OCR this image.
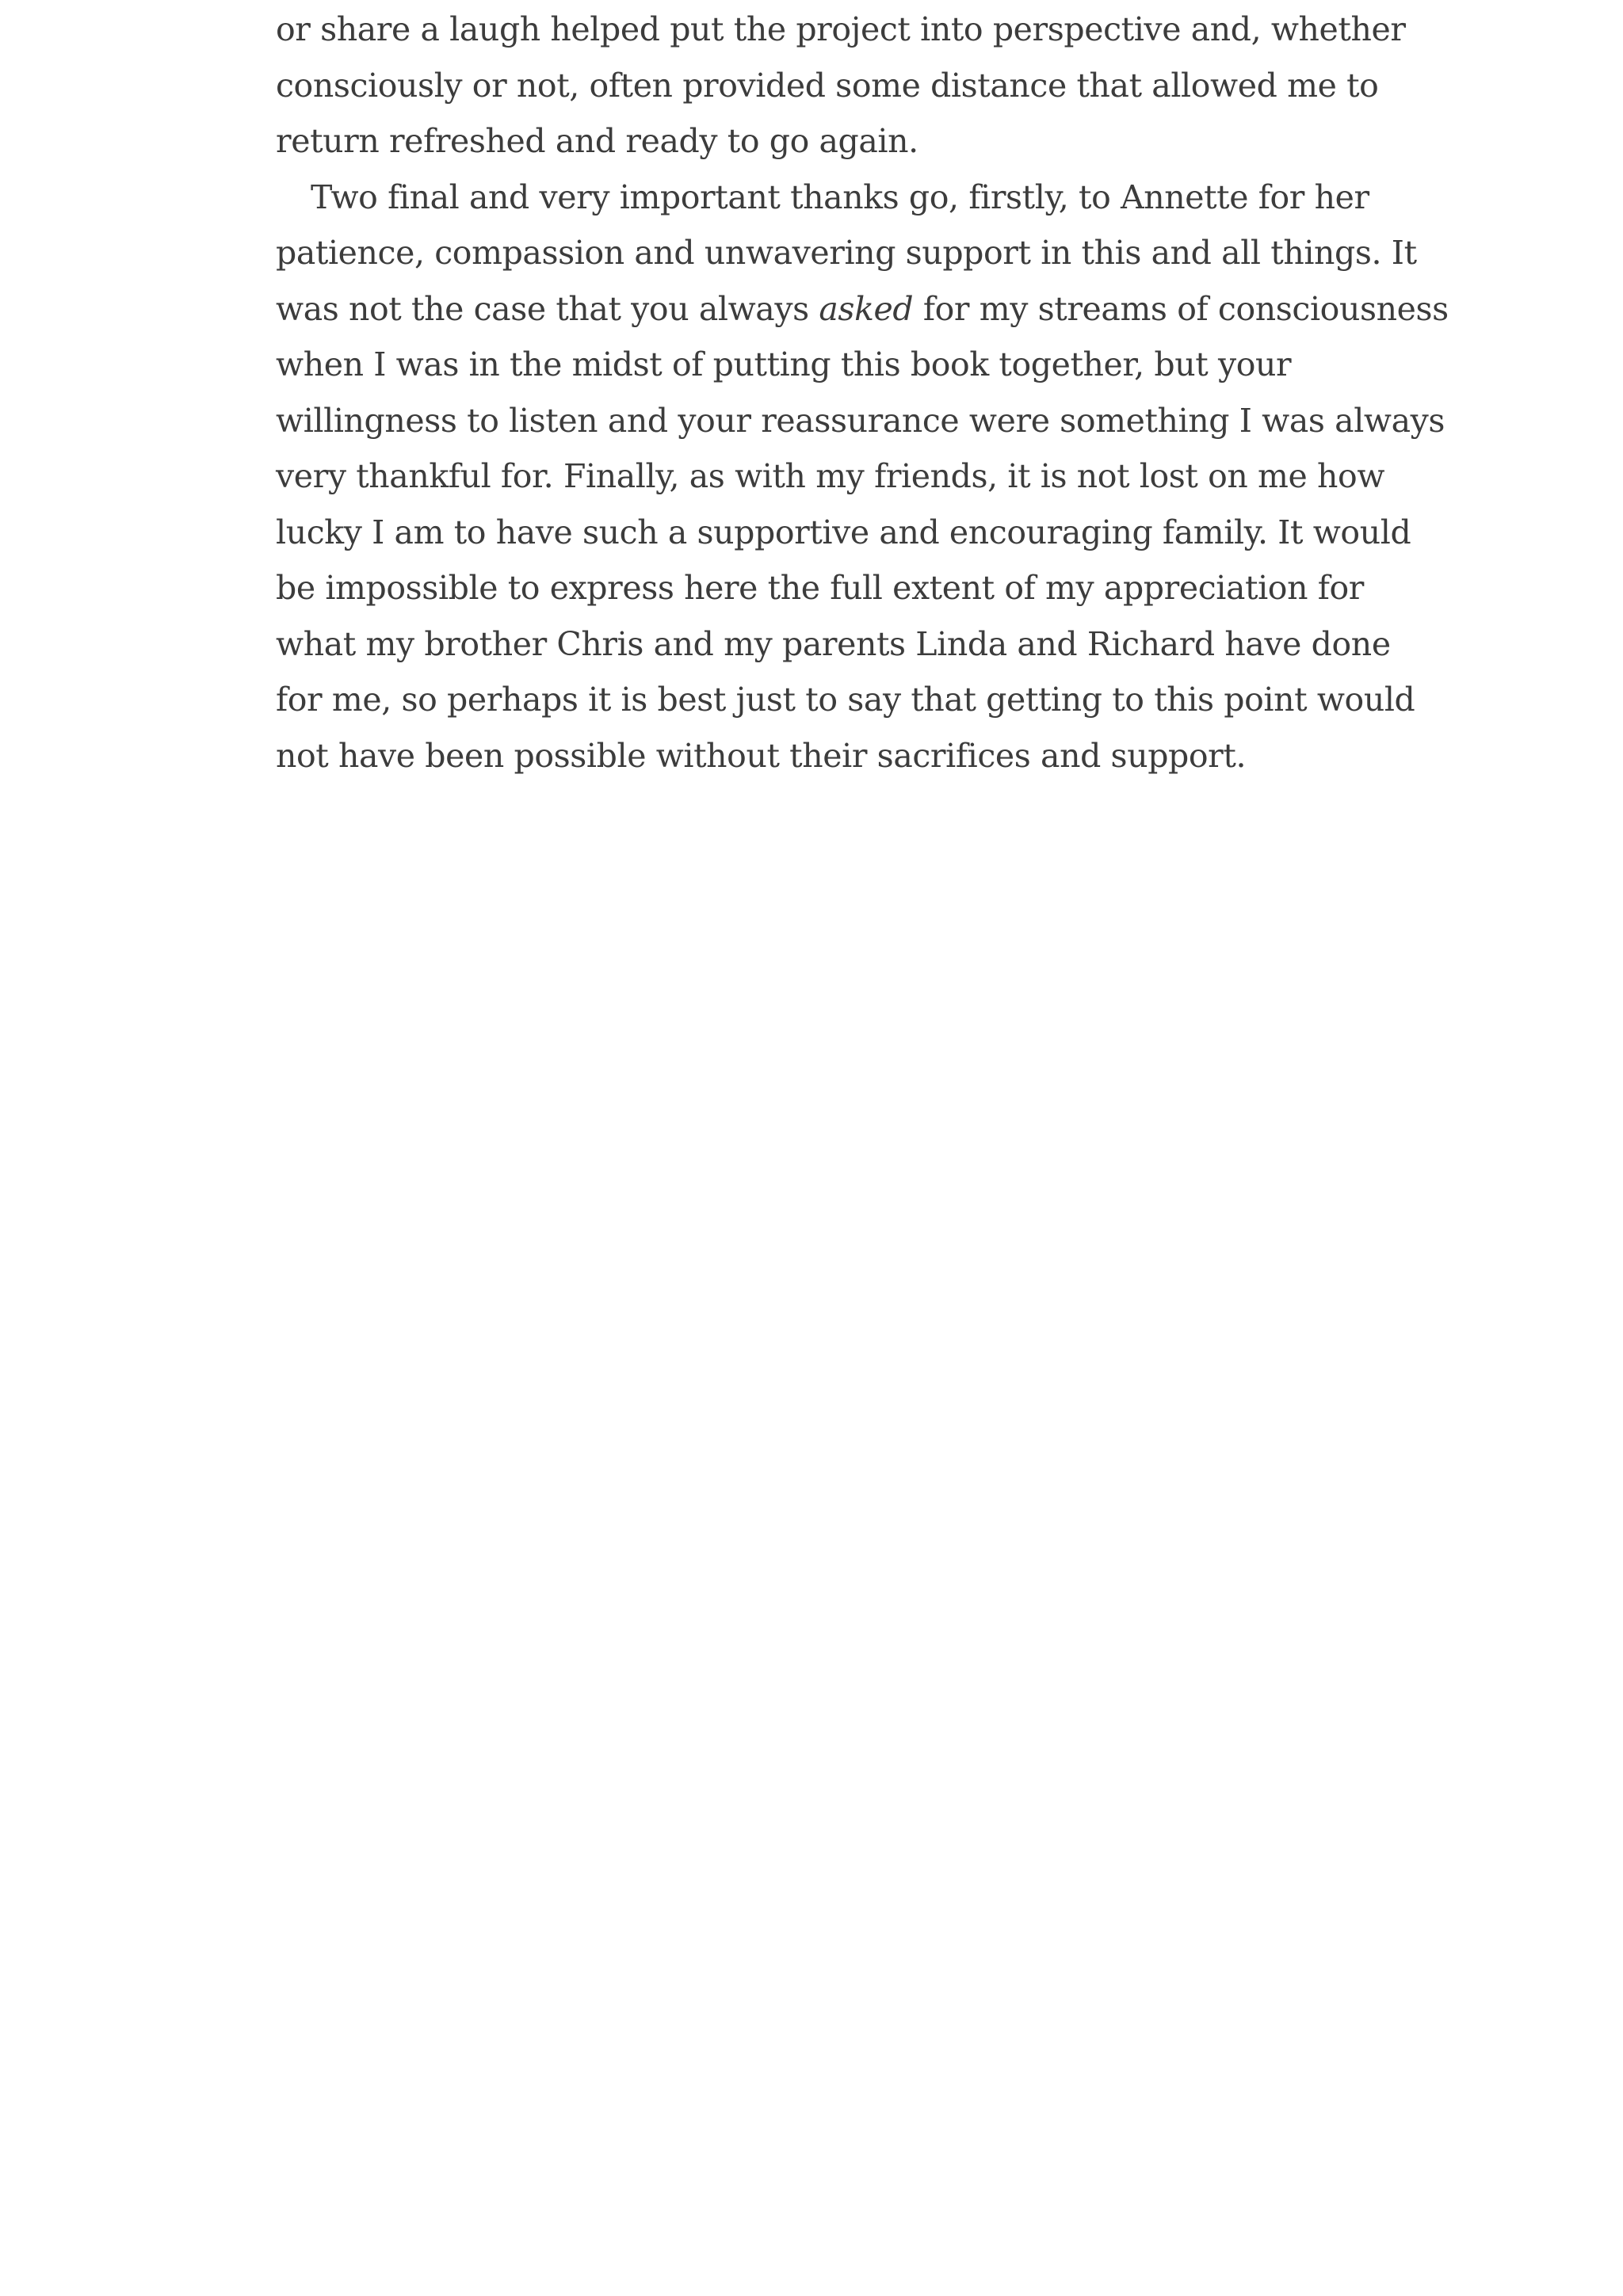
or share a laugh helped put the project into perspective and, whether
consciously or not, often provided some distance that allowed me to
return refreshed and ready to go again.

Two final and very important thanks go, firstly, to Annette for her
patience, compassion and unwavering support in this and all things. It
was not the case that you always asked for my streams of consciousness
when I was in the midst of putting this book together, but your
willingness to listen and your reassurance were something I was always
very thankful for. Finally, as with my friends, it is not lost on me how
lucky I am to have such a supportive and encouraging family. It would
be impossible to express here the full extent of my appreciation for
what my brother Chris and my parents Linda and Richard have done
for me, so perhaps it is best just to say that getting to this point would
not have been possible without their sacrifices and support.
